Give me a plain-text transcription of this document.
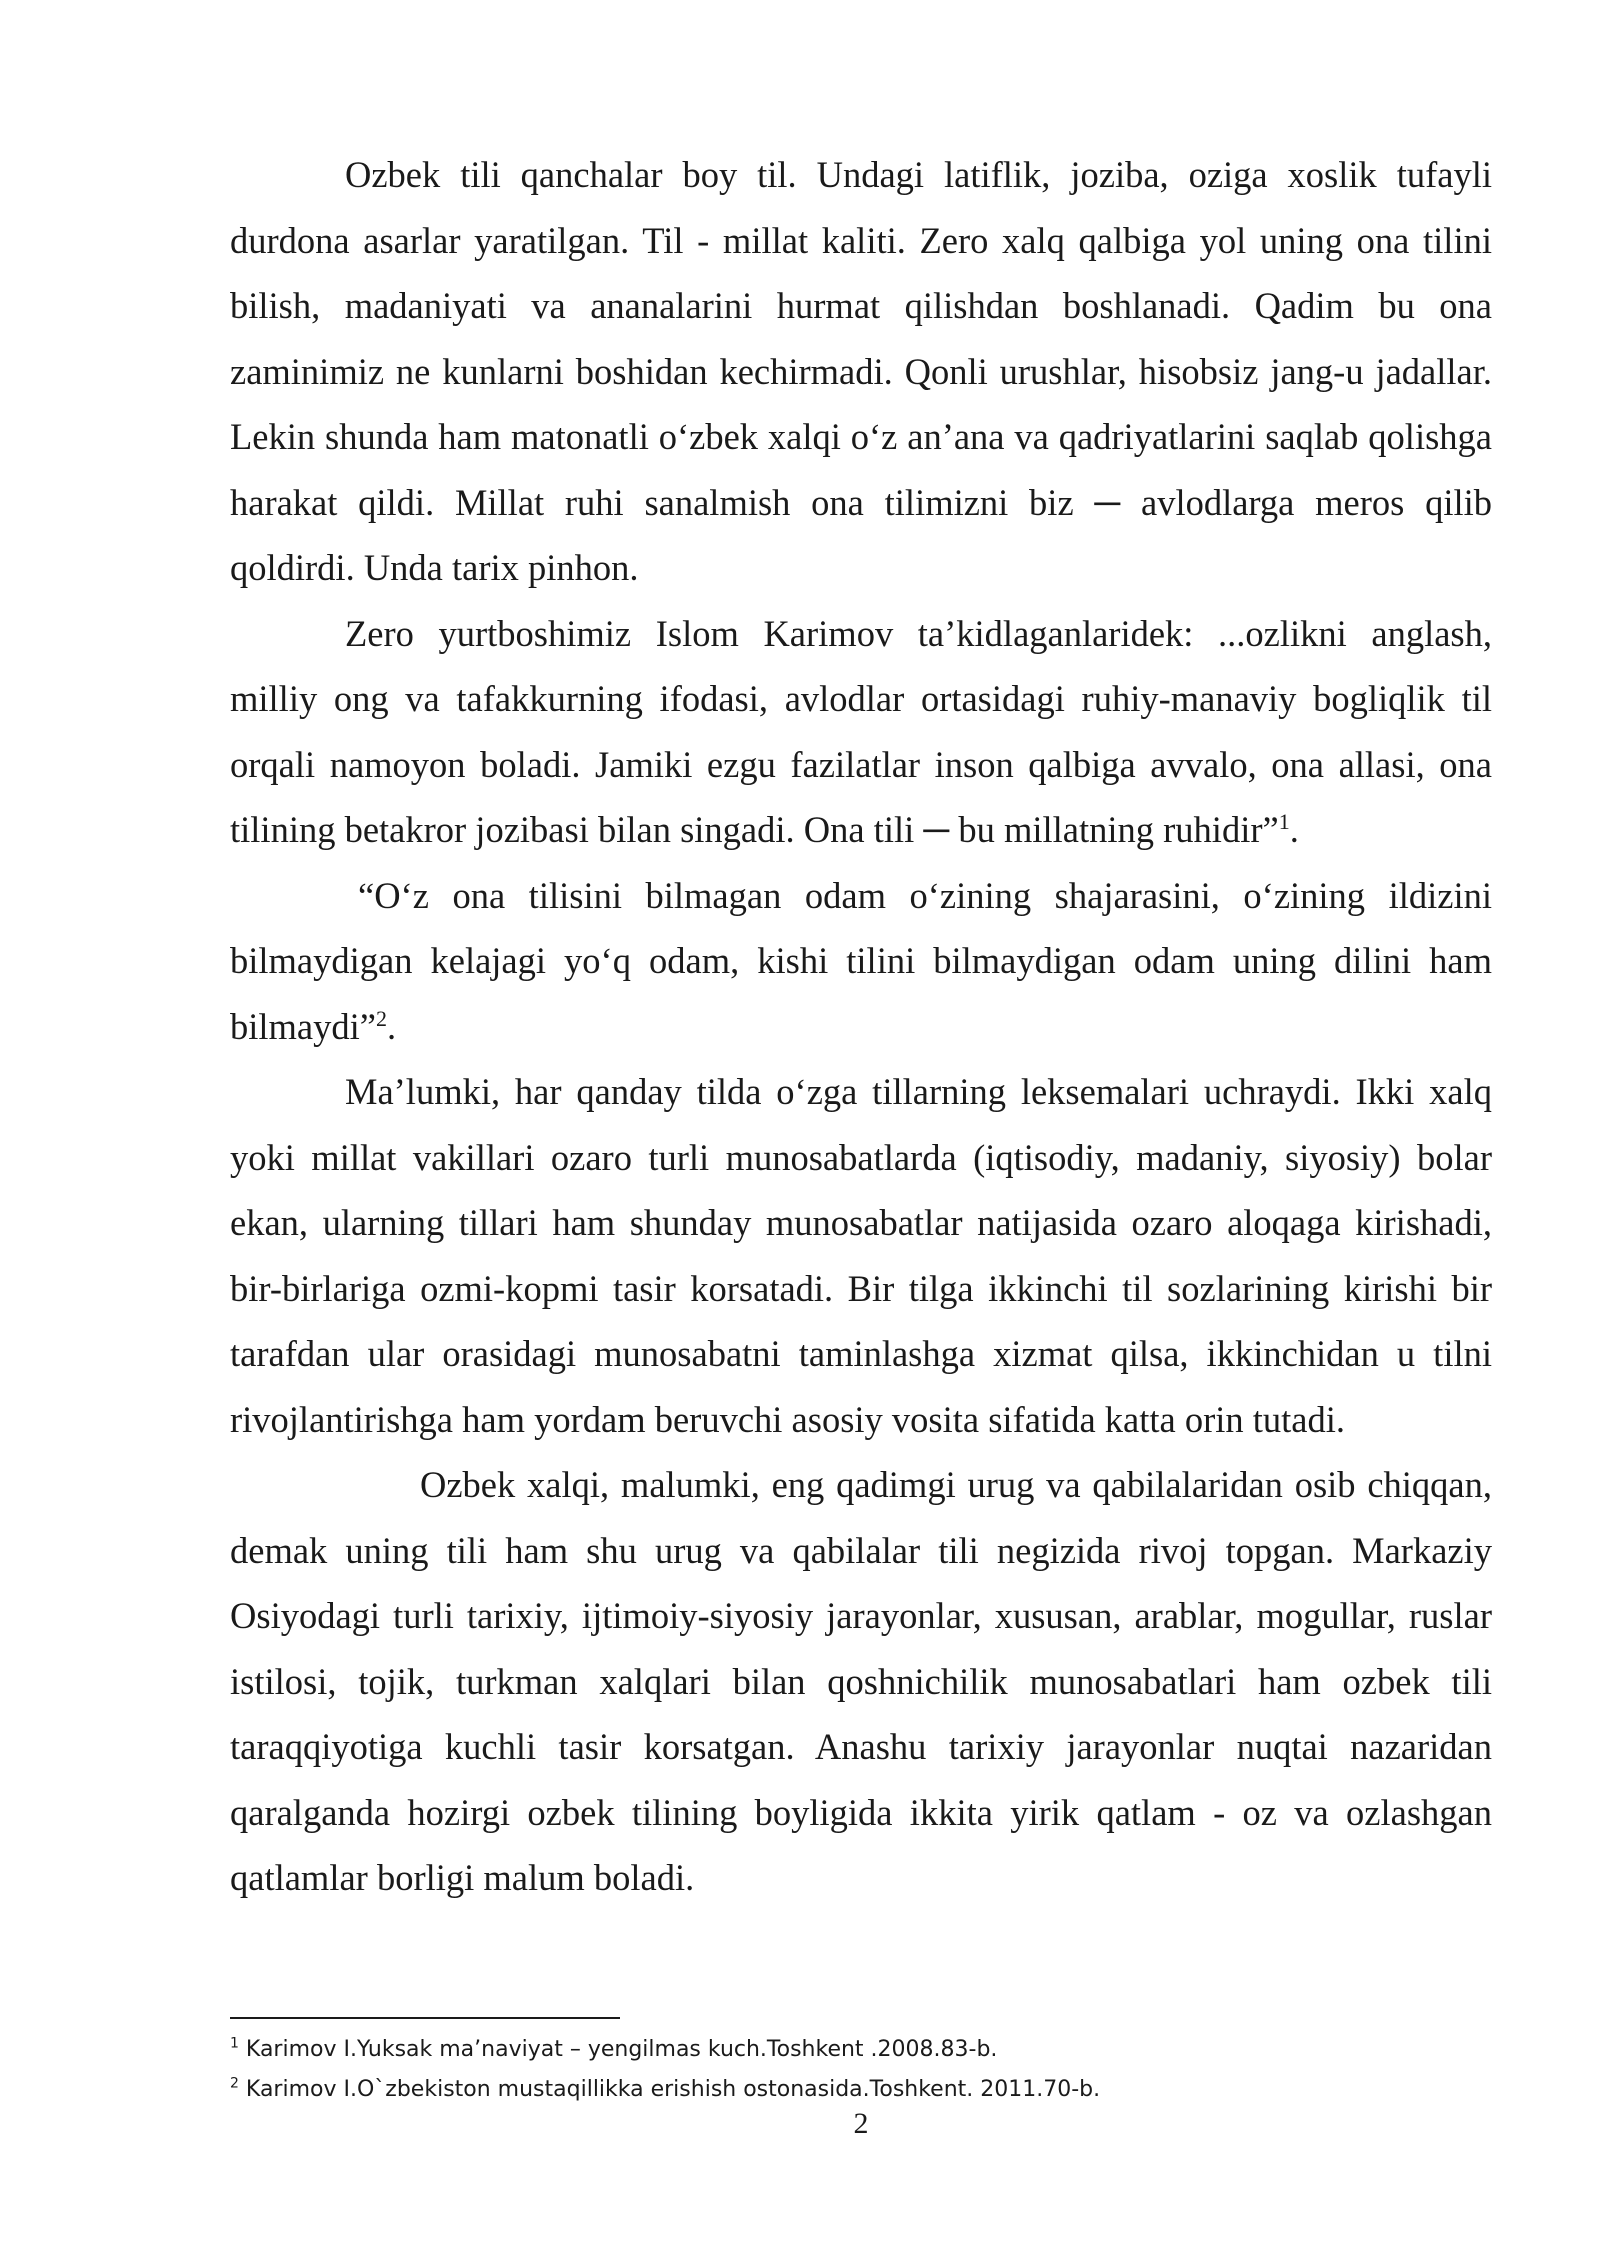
Ozbek tili qanchalar boy til. Undagi latiflik, joziba, oziga xoslik tufayli durdona asarlar yaratilgan. Til - millat kaliti. Zero xalq qalbiga yol uning ona tilini bilish, madaniyati va ananalarini hurmat qilishdan boshlanadi. Qadim bu ona zaminimiz ne kunlarni boshidan kechirmadi. Qonli urushlar, hisobsiz jang-u jadallar. Lekin shunda ham matonatli oʻzbek xalqi oʻz an’ana va qadriyatlarini saqlab qolishga harakat qildi. Millat ruhi sanalmish ona tilimizni biz ─ avlodlarga meros qilib qoldirdi. Unda tarix pinhon.

Zero yurtboshimiz Islom Karimov ta’kidlaganlaridek: ...ozlikni anglash, milliy ong va tafakkurning ifodasi, avlodlar ortasidagi ruhiy-manaviy bogliqlik til orqali namoyon boladi. Jamiki ezgu fazilatlar inson qalbiga avvalo, ona allasi, ona tilining betakror jozibasi bilan singadi. Ona tili ─ bu millatning ruhidir”$^1$.

“Oʻz ona tilisini bilmagan odam oʻzining shajarasini, oʻzining ildizini bilmaydigan kelajagi yoʻq odam, kishi tilini bilmaydigan odam uning dilini ham bilmaydi”$^2$.

Ma’lumki, har qanday tilda oʻzga tillarning leksemalari uchraydi. Ikki xalq yoki millat vakillari ozaro turli munosabatlarda (iqtisodiy, madaniy, siyosiy) bolar ekan, ularning tillari ham shunday munosabatlar natijasida ozaro aloqaga kirishadi, bir-birlariga ozmi-kopmi tasir korsatadi. Bir tilga ikkinchi til sozlarining kirishi bir tarafdan ular orasidagi munosabatni taminlashga xizmat qilsa, ikkinchidan u tilni rivojlantirishga ham yordam beruvchi asosiy vosita sifatida katta orin tutadi.

Ozbek xalqi, malumki, eng qadimgi urug va qabilalaridan osib chiqqan, demak uning tili ham shu urug va qabilalar tili negizida rivoj topgan. Markaziy Osiyodagi turli tarixiy, ijtimoiy-siyosiy jarayonlar, xususan, arablar, mogullar, ruslar istilosi, tojik, turkman xalqlari bilan qoshnichilik munosabatlari ham ozbek tili taraqqiyotiga kuchli tasir korsatgan. Anashu tarixiy jarayonlar nuqtai nazaridan qaralganda hozirgi ozbek tilining boyligida ikkita yirik qatlam - oz va ozlashgan qatlamlar borligi malum boladi.

$^1$ Karimov I.Yuksak ma’naviyat – yengilmas kuch.Toshkent .2008.83-b.

$^2$ Karimov I.O`zbekiston mustaqillikka erishish ostonasida.Toshkent. 2011.70-b.

2
